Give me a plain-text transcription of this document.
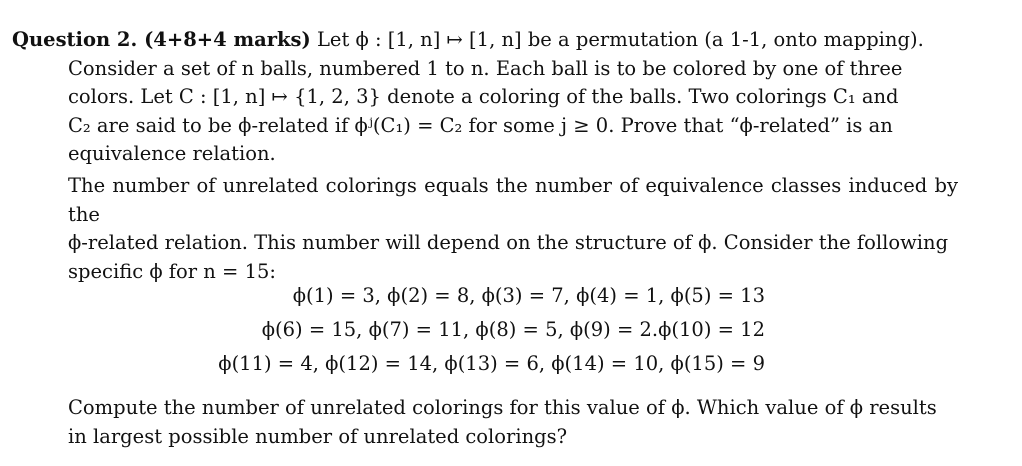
Question 2. (4+8+4 marks) Let ϕ : [1, n] ↦ [1, n] be a permutation (a 1-1, onto mapping).
Consider a set of n balls, numbered 1 to n. Each ball is to be colored by one of three
colors. Let C : [1, n] ↦ {1, 2, 3} denote a coloring of the balls. Two colorings C₁ and
C₂ are said to be ϕ-related if ϕʲ(C₁) = C₂ for some j ≥ 0. Prove that “ϕ-related” is an
equivalence relation.
The number of unrelated colorings equals the number of equivalence classes induced by the
ϕ-related relation. This number will depend on the structure of ϕ. Consider the following
specific ϕ for n = 15:
ϕ(1) = 3, ϕ(2) = 8, ϕ(3) = 7, ϕ(4) = 1, ϕ(5) = 13
ϕ(6) = 15, ϕ(7) = 11, ϕ(8) = 5, ϕ(9) = 2.ϕ(10) = 12
ϕ(11) = 4, ϕ(12) = 14, ϕ(13) = 6, ϕ(14) = 10, ϕ(15) = 9
Compute the number of unrelated colorings for this value of ϕ. Which value of ϕ results
in largest possible number of unrelated colorings?
